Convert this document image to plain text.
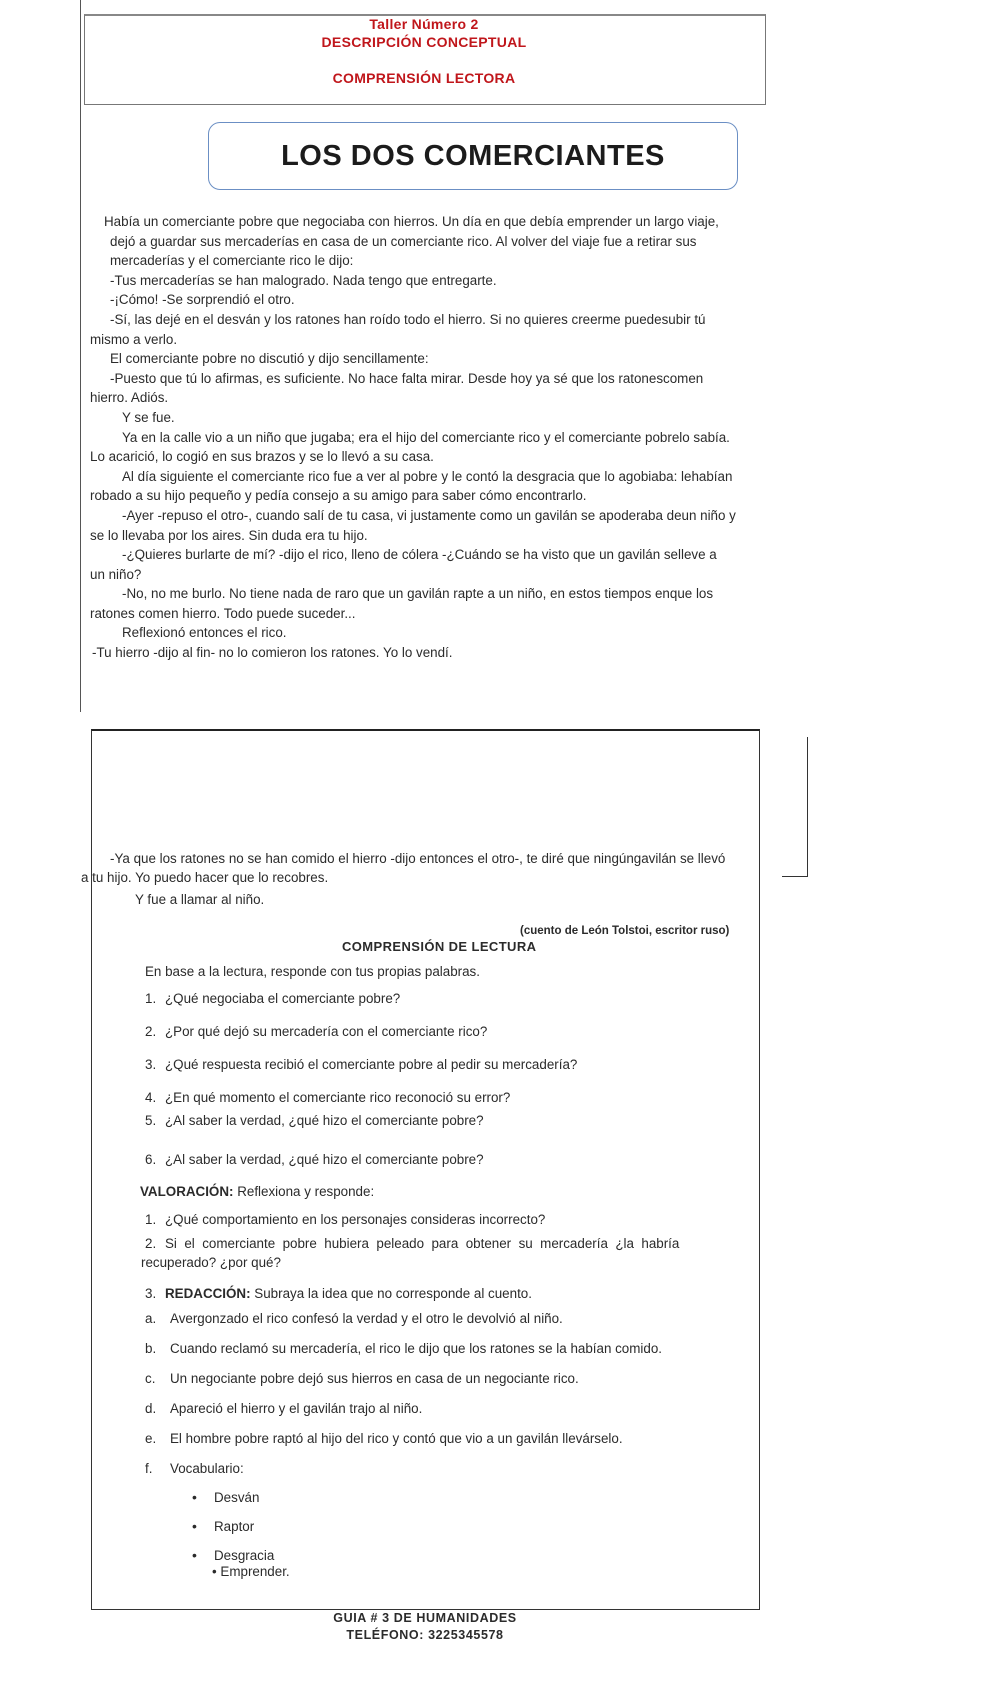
Taller Número 2
DESCRIPCIÓN CONCEPTUAL
COMPRENSIÓN LECTORA
LOS DOS COMERCIANTES

Había un comerciante pobre que negociaba con hierros. Un día en que debía emprender un largo viaje,

dejó a guardar sus mercaderías en casa de un comerciante rico. Al volver del viaje fue a retirar sus

mercaderías y el comerciante rico le dijo:

-Tus mercaderías se han malogrado. Nada tengo que entregarte.

-¡Cómo! -Se sorprendió el otro.

-Sí, las dejé en el desván y los ratones han roído todo el hierro. Si no quieres creerme puedesubir tú

mismo a verlo.

El comerciante pobre no discutió y dijo sencillamente:

-Puesto que tú lo afirmas, es suficiente. No hace falta mirar. Desde hoy ya sé que los ratonescomen

hierro. Adiós.

Y se fue.

Ya en la calle vio a un niño que jugaba; era el hijo del comerciante rico y el comerciante pobrelo sabía.

Lo acarició, lo cogió en sus brazos y se lo llevó a su casa.

Al día siguiente el comerciante rico fue a ver al pobre y le contó la desgracia que lo agobiaba: lehabían

robado a su hijo pequeño y pedía consejo a su amigo para saber cómo encontrarlo.

-Ayer -repuso el otro-, cuando salí de tu casa, vi justamente como un gavilán se apoderaba deun niño y

se lo llevaba por los aires. Sin duda era tu hijo.

-¿Quieres burlarte de mí? -dijo el rico, lleno de cólera -¿Cuándo se ha visto que un gavilán selleve a

un niño?

-No, no me burlo. No tiene nada de raro que un gavilán rapte a un niño, en estos tiempos enque los

ratones comen hierro. Todo puede suceder...

Reflexionó entonces el rico.

-Tu hierro -dijo al fin- no lo comieron los ratones. Yo lo vendí.

-Ya que los ratones no se han comido el hierro -dijo entonces el otro-, te diré que ningúngavilán se llevó
a tu hijo. Yo puedo hacer que lo recobres.
Y fue a llamar al niño.
(cuento de León Tolstoi, escritor ruso)
COMPRENSIÓN DE LECTURA
En base a la lectura, responde con tus propias palabras.
1. ¿Qué negociaba el comerciante pobre?
2. ¿Por qué dejó su mercadería con el comerciante rico?
3. ¿Qué respuesta recibió el comerciante pobre al pedir su mercadería?
4. ¿En qué momento el comerciante rico reconoció su error?
5. ¿Al saber la verdad, ¿qué hizo el comerciante pobre?
6. ¿Al saber la verdad, ¿qué hizo el comerciante pobre?
VALORACIÓN: Reflexiona y responde:
1. ¿Qué comportamiento en los personajes consideras incorrecto?
2. Si  el  comerciante  pobre  hubiera  peleado  para  obtener  su  mercadería  ¿la  habría
recuperado? ¿por qué?
3. REDACCIÓN: Subraya la idea que no corresponde al cuento.
a. Avergonzado el rico confesó la verdad y el otro le devolvió al niño.
b. Cuando reclamó su mercadería, el rico le dijo que los ratones se la habían comido.
c. Un negociante pobre dejó sus hierros en casa de un negociante rico.
d. Apareció el hierro y el gavilán trajo al niño.
e. El hombre pobre raptó al hijo del rico y contó que vio a un gavilán llevárselo.
f. Vocabulario:
• Desván
• Raptor
• Desgracia
• Emprender.
GUIA # 3 DE HUMANIDADES
TELÉFONO: 3225345578
